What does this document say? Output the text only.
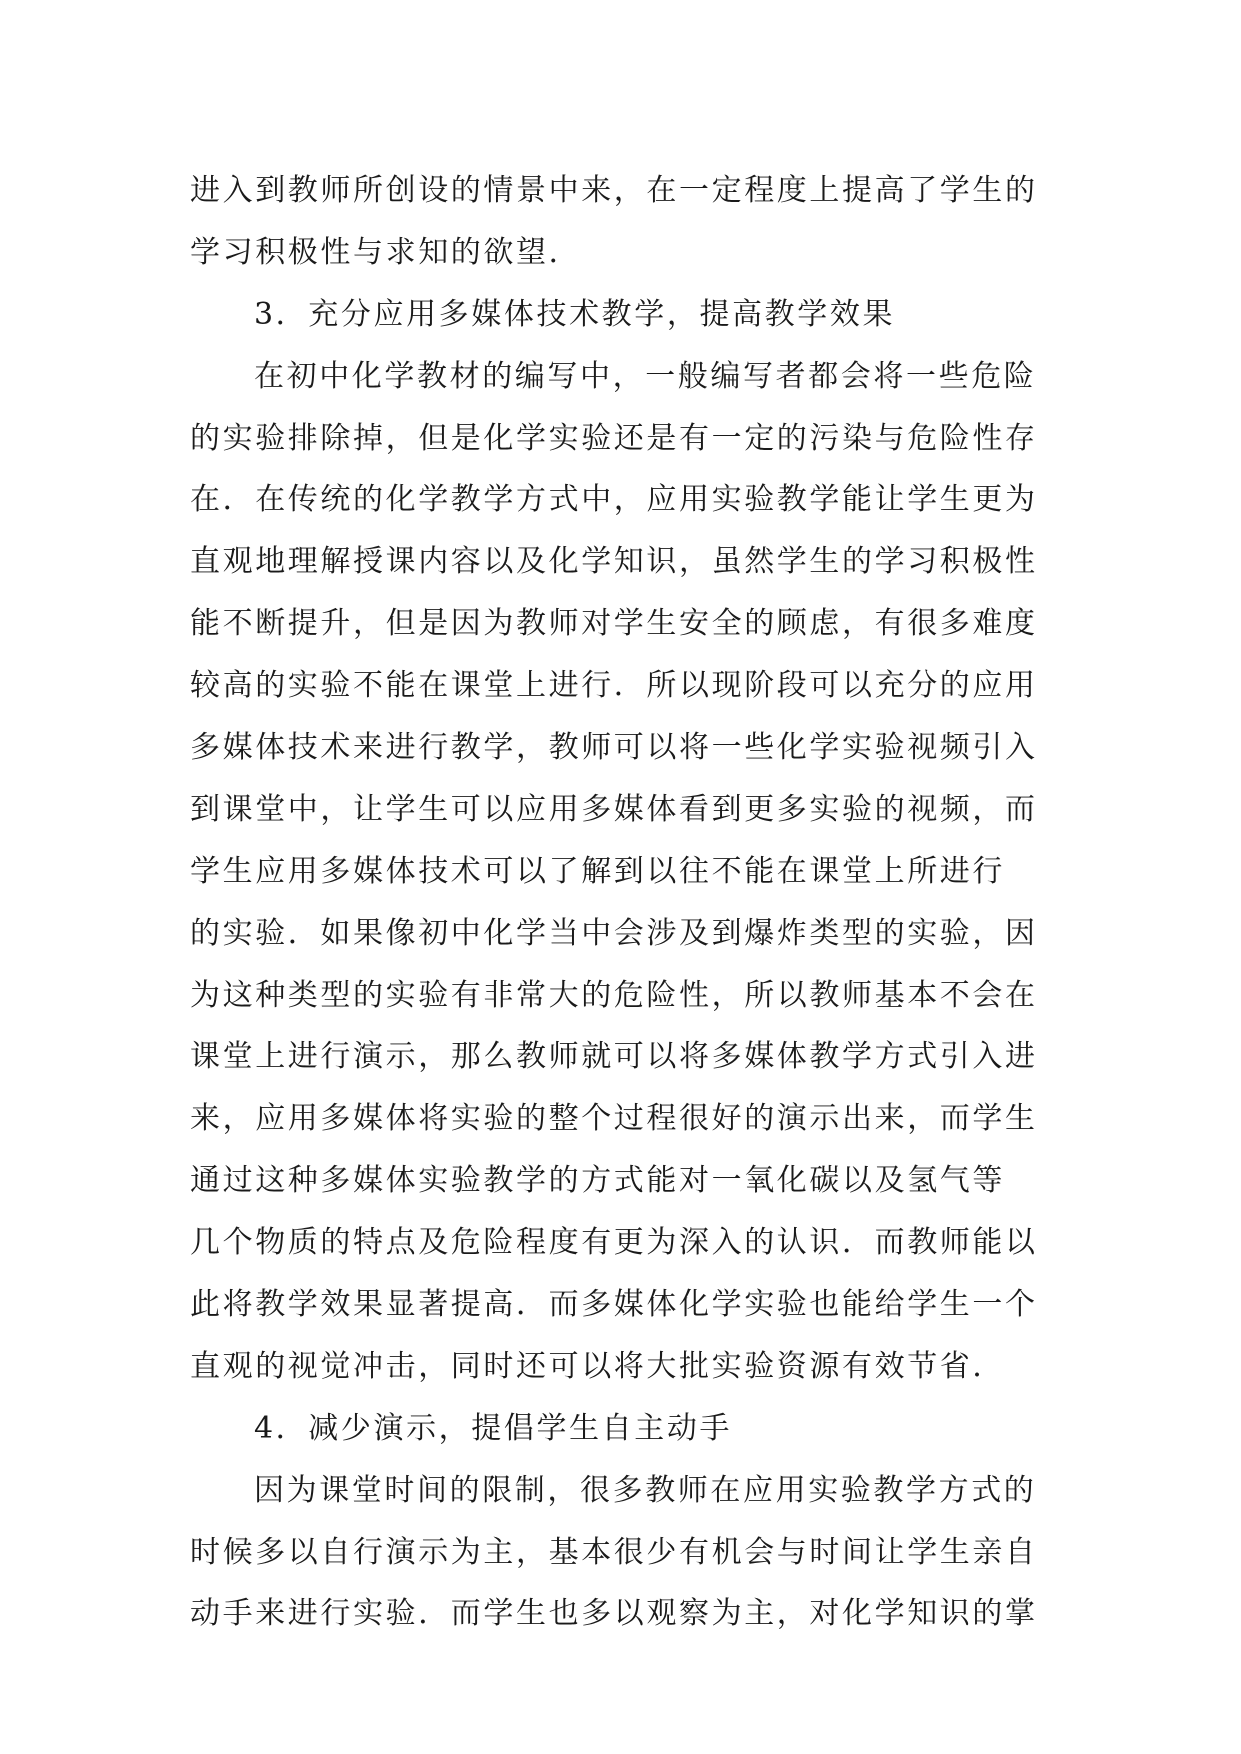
进入到教师所创设的情景中来，在一定程度上提高了学生的
学习积极性与求知的欲望．
3．充分应用多媒体技术教学，提高教学效果
在初中化学教材的编写中，一般编写者都会将一些危险
的实验排除掉，但是化学实验还是有一定的污染与危险性存
在．在传统的化学教学方式中，应用实验教学能让学生更为
直观地理解授课内容以及化学知识，虽然学生的学习积极性
能不断提升，但是因为教师对学生安全的顾虑，有很多难度
较高的实验不能在课堂上进行．所以现阶段可以充分的应用
多媒体技术来进行教学，教师可以将一些化学实验视频引入
到课堂中，让学生可以应用多媒体看到更多实验的视频，而
学生应用多媒体技术可以了解到以往不能在课堂上所进行
的实验．如果像初中化学当中会涉及到爆炸类型的实验，因
为这种类型的实验有非常大的危险性，所以教师基本不会在
课堂上进行演示，那么教师就可以将多媒体教学方式引入进
来，应用多媒体将实验的整个过程很好的演示出来，而学生
通过这种多媒体实验教学的方式能对一氧化碳以及氢气等
几个物质的特点及危险程度有更为深入的认识．而教师能以
此将教学效果显著提高．而多媒体化学实验也能给学生一个
直观的视觉冲击，同时还可以将大批实验资源有效节省．
4．减少演示，提倡学生自主动手
因为课堂时间的限制，很多教师在应用实验教学方式的
时候多以自行演示为主，基本很少有机会与时间让学生亲自
动手来进行实验．而学生也多以观察为主，对化学知识的掌
